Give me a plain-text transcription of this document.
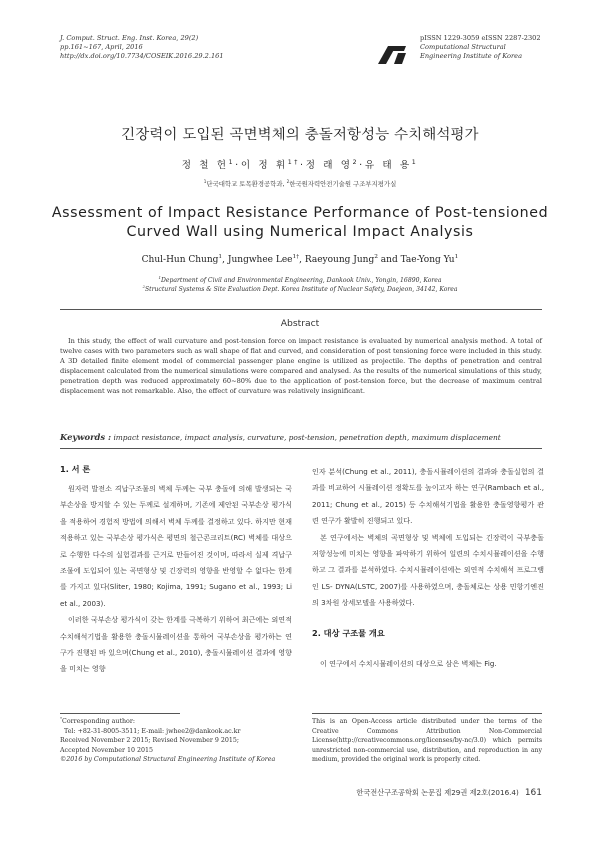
J. Comput. Struct. Eng. Inst. Korea, 29(2)
pp.161~167, April, 2016
http://dx.doi.org/10.7734/COSEIK.2016.29.2.161
pISSN 1229-3059 eISSN 2287-2302
Computational Structural
Engineering Institute of Korea
긴장력이 도입된 곡면벽체의 충돌저항성능 수치해석평가
정 철 헌$^1$·이 정 휘$^{1\dagger}$·정 래 영$^2$·유 태 용$^1$
$^1$단국대학교 토목환경공학과, $^2$한국원자력안전기술원 구조부지평가실
Assessment of Impact Resistance Performance of Post-tensioned
Curved Wall using Numerical Impact Analysis
Chul-Hun Chung$^1$, Jungwhee Lee$^{1\dagger}$, Raeyoung Jung$^2$ and Tae-Yong Yu$^1$
$^1$Department of Civil and Environmental Engineering, Dankook Univ., Yongin, 16890, Korea
$^2$Structural Systems & Site Evaluation Dept. Korea Institute of Nuclear Safety, Daejeon, 34142, Korea
Abstract
In this study, the effect of wall curvature and post-tension force on impact resistance is evaluated by numerical analysis method. A total of twelve cases with two parameters such as wall shape of flat and curved, and consideration of post tensioning force were included in this study. A 3D detailed finite element model of commercial passenger plane engine is utilized as projectile. The depths of penetration and central displacement calculated from the numerical simulations were compared and analysed. As the results of the numerical simulations of this study, penetration depth was reduced approximately 60~80% due to the application of post-tension force, but the decrease of maximum central displacement was not remarkable. Also, the effect of curvature was relatively insignificant.
Keywords : impact resistance, impact analysis, curvature, post-tension, penetration depth, maximum displacement
1. 서 론

원자력 발전소 격납구조물의 벽체 두께는 국부 충돌에 의해 발생되는 국부손상을 방지할 수 있는 두께로 설계하며, 기존에 제안된 국부손상 평가식을 적용하여 경험적 방법에 의해서 벽체 두께를 결정하고 있다. 하지만 현재 적용하고 있는 국부손상 평가식은 평면의 철근콘크리트(RC) 벽체를 대상으로 수행한 다수의 실험결과를 근거로 만들어진 것이며, 따라서 실제 격납구조물에 도입되어 있는 곡면형상 및 긴장력의 영향을 반영할 수 없다는 한계를 가지고 있다(Sliter, 1980; Kojima, 1991; Sugano et al., 1993; Li et al., 2003).

이러한 국부손상 평가식이 갖는 한계를 극복하기 위하여 최근에는 외연적 수치해석기법을 활용한 충돌시뮬레이션을 통하여 국부손상을 평가하는 연구가 진행된 바 있으며(Chung et al., 2010), 충돌시뮬레이션 결과에 영향을 미치는 영향

인자 분석(Chung et al., 2011), 충돌시뮬레이션의 결과와 충돌실험의 결과를 비교하여 시뮬레이션 정확도를 높이고자 하는 연구(Rambach et al., 2011; Chung et al., 2015) 등 수치해석기법을 활용한 충돌영향평가 관련 연구가 활발히 진행되고 있다.

본 연구에서는 벽체의 곡면형상 및 벽체에 도입되는 긴장력이 국부충돌 저항성능에 미치는 영향을 파악하기 위하여 일련의 수치시뮬레이션을 수행하고 그 결과를 분석하였다. 수치시뮬레이션에는 외연적 수치해석 프로그램인 LS- DYNA(LSTC, 2007)를 사용하였으며, 충돌체로는 상용 민항기엔진의 3차원 상세모델을 사용하였다.

2. 대상 구조물 개요

이 연구에서 수치시뮬레이션의 대상으로 삼은 벽체는 Fig.

*Corresponding author:
Tel: +82-31-8005-3511; E-mail: jwhee2@dankook.ac.kr
Received November 2 2015; Revised November 9 2015;
Accepted November 10 2015
©2016 by Computational Structural Engineering Institute of Korea
This is an Open-Access article distributed under the terms of the Creative Commons Attribution Non-Commercial License(http://creativecommons.org/licenses/by-nc/3.0) which permits unrestricted non-commercial use, distribution, and reproduction in any medium, provided the original work is properly cited.
한국전산구조공학회 논문집 제29권 제2호(2016.4) 161
